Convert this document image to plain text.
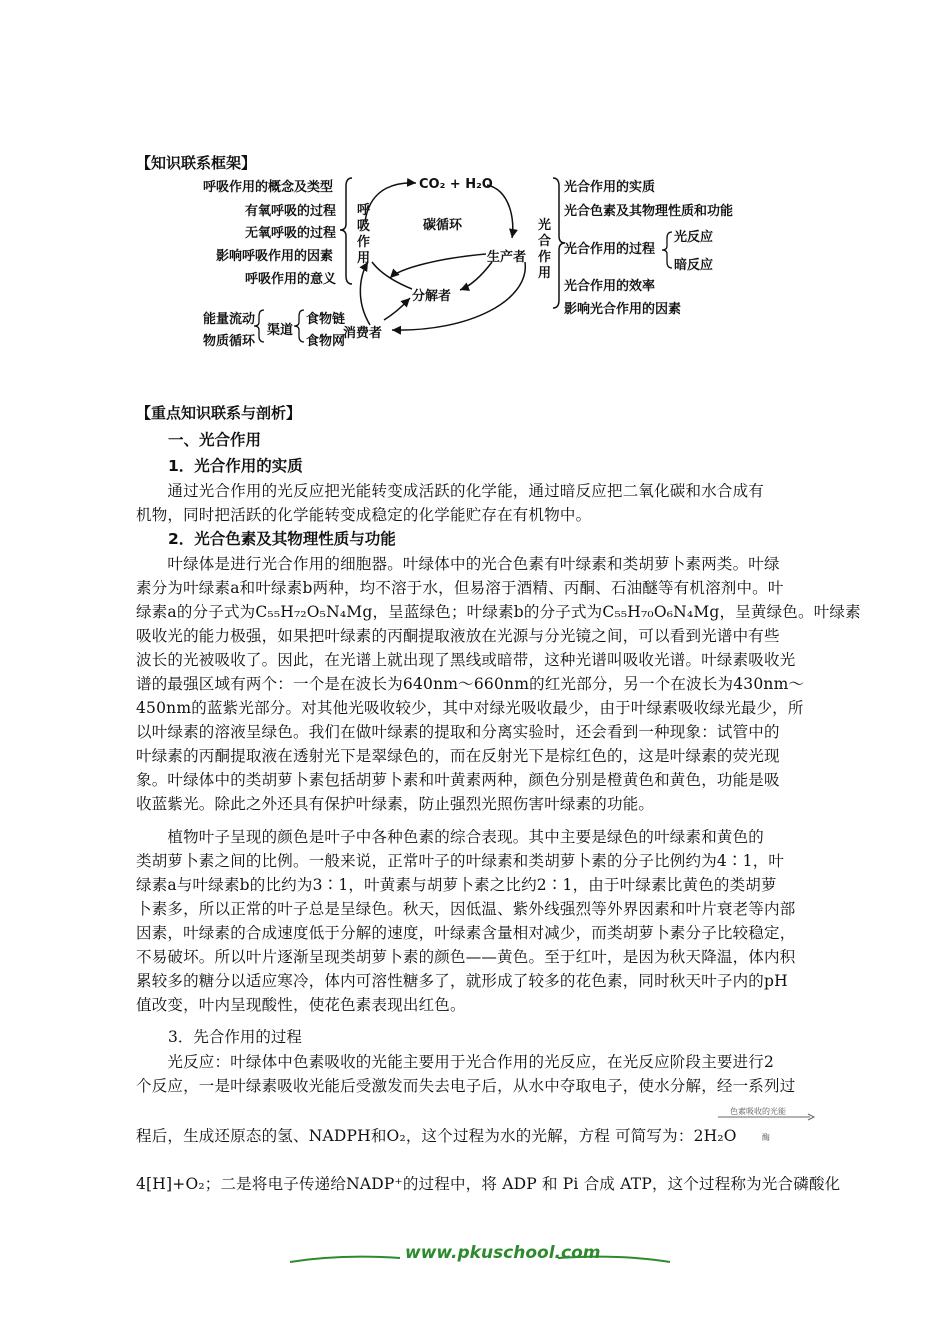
【知识联系框架】
呼吸作用的概念及类型
有氧呼吸的过程
无氧呼吸的过程
影响呼吸作用的因素
呼吸作用的意义
呼吸作用
CO₂ + H₂O
碳循环
生产者
分解者
消费者
能量流动
物质循环
渠道
食物链
食物网
光合作用
光合作用的实质
光合色素及其物理性质和功能
光合作用的过程
光反应
暗反应
光合作用的效率
影响光合作用的因素
【重点知识联系与剖析】
一、光合作用
1．光合作用的实质
　　通过光合作用的光反应把光能转变成活跃的化学能，通过暗反应把二氧化碳和水合成有
机物，同时把活跃的化学能转变成稳定的化学能贮存在有机物中。
2．光合色素及其物理性质与功能
　　叶绿体是进行光合作用的细胞器。叶绿体中的光合色素有叶绿素和类胡萝卜素两类。叶绿
素分为叶绿素a和叶绿素b两种，均不溶于水，但易溶于酒精、丙酮、石油醚等有机溶剂中。叶
绿素a的分子式为C₅₅H₇₂O₅N₄Mg，呈蓝绿色；叶绿素b的分子式为C₅₅H₇₀O₆N₄Mg，呈黄绿色。叶绿素
吸收光的能力极强，如果把叶绿素的丙酮提取液放在光源与分光镜之间，可以看到光谱中有些
波长的光被吸收了。因此，在光谱上就出现了黑线或暗带，这种光谱叫吸收光谱。叶绿素吸收光
谱的最强区域有两个：一个是在波长为640nm～660nm的红光部分，另一个在波长为430nm～
450nm的蓝紫光部分。对其他光吸收较少，其中对绿光吸收最少，由于叶绿素吸收绿光最少，所
以叶绿素的溶液呈绿色。我们在做叶绿素的提取和分离实验时，还会看到一种现象：试管中的
叶绿素的丙酮提取液在透射光下是翠绿色的，而在反射光下是棕红色的，这是叶绿素的荧光现
象。叶绿体中的类胡萝卜素包括胡萝卜素和叶黄素两种，颜色分别是橙黄色和黄色，功能是吸
收蓝紫光。除此之外还具有保护叶绿素，防止强烈光照伤害叶绿素的功能。
　　植物叶子呈现的颜色是叶子中各种色素的综合表现。其中主要是绿色的叶绿素和黄色的
类胡萝卜素之间的比例。一般来说，正常叶子的叶绿素和类胡萝卜素的分子比例约为4∶1，叶
绿素a与叶绿素b的比约为3∶1，叶黄素与胡萝卜素之比约2∶1，由于叶绿素比黄色的类胡萝
卜素多，所以正常的叶子总是呈绿色。秋天，因低温、紫外线强烈等外界因素和叶片衰老等内部
因素，叶绿素的合成速度低于分解的速度，叶绿素含量相对减少，而类胡萝卜素分子比较稳定，
不易破坏。所以叶片逐渐呈现类胡萝卜素的颜色——黄色。至于红叶，是因为秋天降温，体内积
累较多的糖分以适应寒冷，体内可溶性糖多了，就形成了较多的花色素，同时秋天叶子内的pH
值改变，叶内呈现酸性，使花色素表现出红色。
3．先合作用的过程
　　光反应：叶绿体中色素吸收的光能主要用于光合作用的光反应，在光反应阶段主要进行2
个反应，一是叶绿素吸收光能后受激发而失去电子后，从水中夺取电子，使水分解，经一系列过
色素吸收的光能
酶
程后，生成还原态的氢、NADPH和O₂，这个过程为水的光解，方程 可简写为：2H₂O
4[H]+O₂；二是将电子传递给NADP⁺的过程中，将 ADP 和 Pi 合成 ATP，这个过程称为光合磷酸化
www.pkuschool.com
